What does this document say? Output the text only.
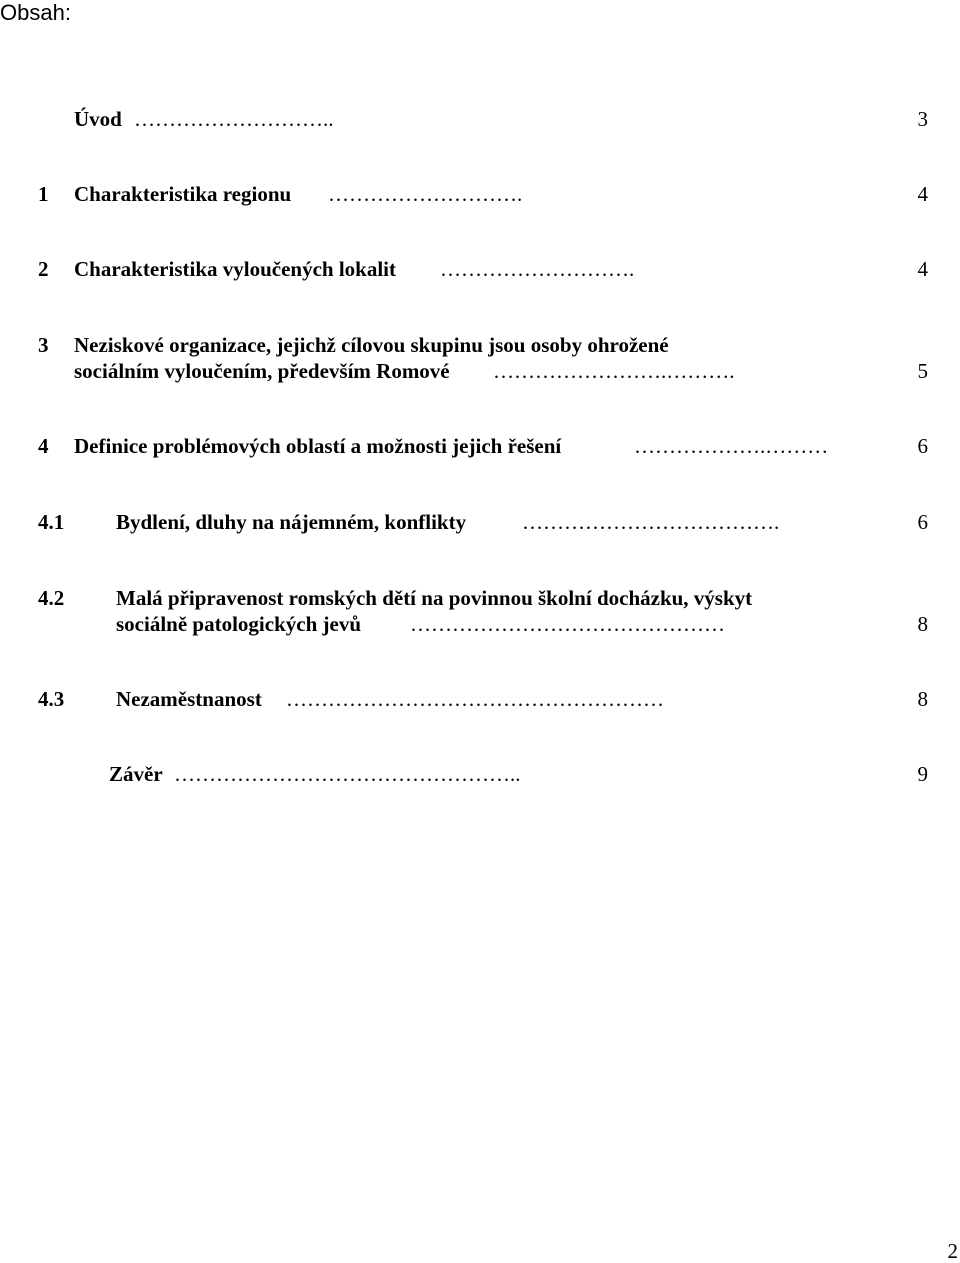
Obsah:
Úvod ………………………..	3
1 Charakteristika regionu ……………………….	4
2 Charakteristika vyloučených lokalit ……………………….	4
3 Neziskové organizace, jejichž cílovou skupinu jsou osoby ohrožené
sociálním vyloučením, především Romové …………………….……….	5
4 Definice problémových oblastí a možnosti jejich řešení	……………….………	6
4.1 Bydlení, dluhy na nájemném, konflikty	……………………………….	6
4.2 Malá připravenost romských dětí na povinnou školní docházku, výskyt
sociálně patologických jevů ………………………………………	8
4.3 Nezaměstnanost ………………………………………………	8
Závěr …………………………………………..	9
2
